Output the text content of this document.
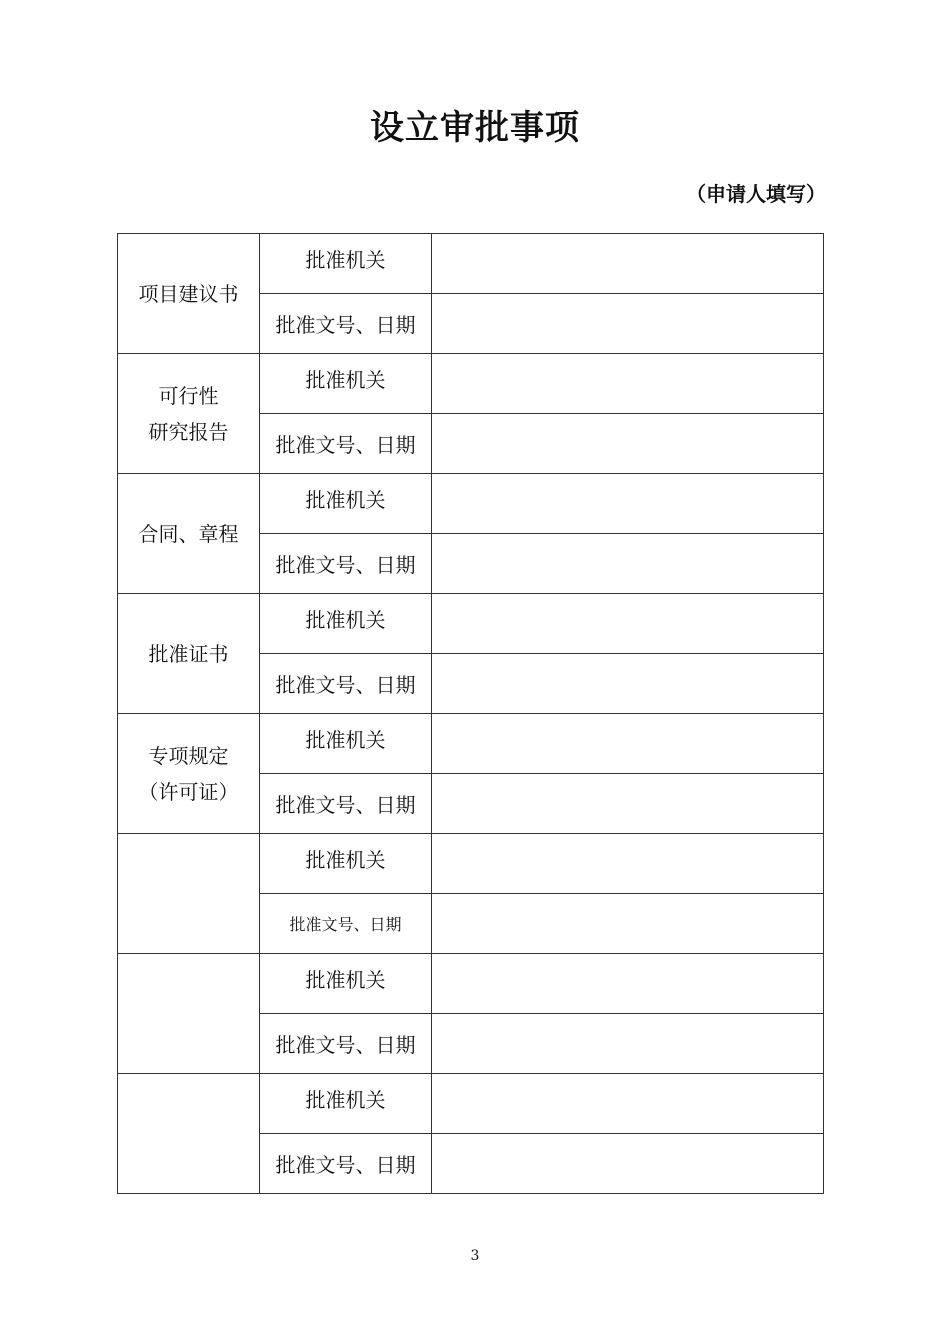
设立审批事项
（申请人填写）
项目建议书	批准机关	
	批准文号、日期	

可行性
研究报告	批准机关	
	批准文号、日期	

合同、章程	批准机关	
	批准文号、日期	

批准证书	批准机关	
	批准文号、日期	

专项规定
（许可证）	批准机关	
	批准文号、日期	
	批准机关	
	批准文号、日期	
	批准机关	
	批准文号、日期	
	批准机关	
	批准文号、日期	
3
